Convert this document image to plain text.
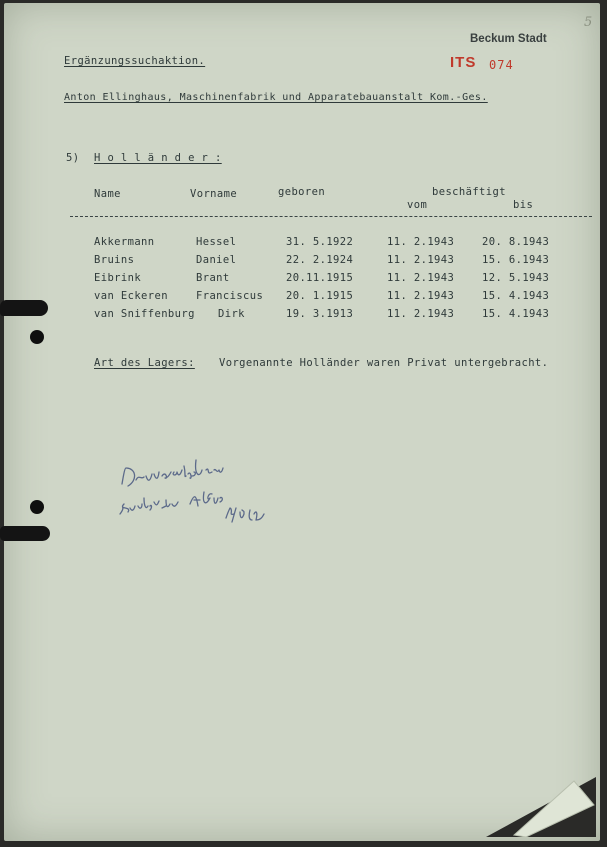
5
Beckum Stadt
ITS 074
Ergänzungssuchaktion.
Anton Ellinghaus, Maschinenfabrik und Apparatebauanstalt Kom.-Ges.
5) H o l l ä n d e r :
Name	Vorname	geboren	beschäftigt
vom	bis
Akkermann	Hessel	31. 5.1922	11. 2.1943	20. 8.1943
Bruins	Daniel	22. 2.1924	11. 2.1943	15. 6.1943
Eibrink	Brant	20.11.1915	11. 2.1943	12. 5.1943
van Eckeren	Franciscus 20. 1.1915	11. 2.1943	15. 4.1943
van Sniffenburg Dirk	19. 3.1913	11. 2.1943	15. 4.1943
Art des Lagers: Vorgenannte Holländer waren Privat untergebracht.
